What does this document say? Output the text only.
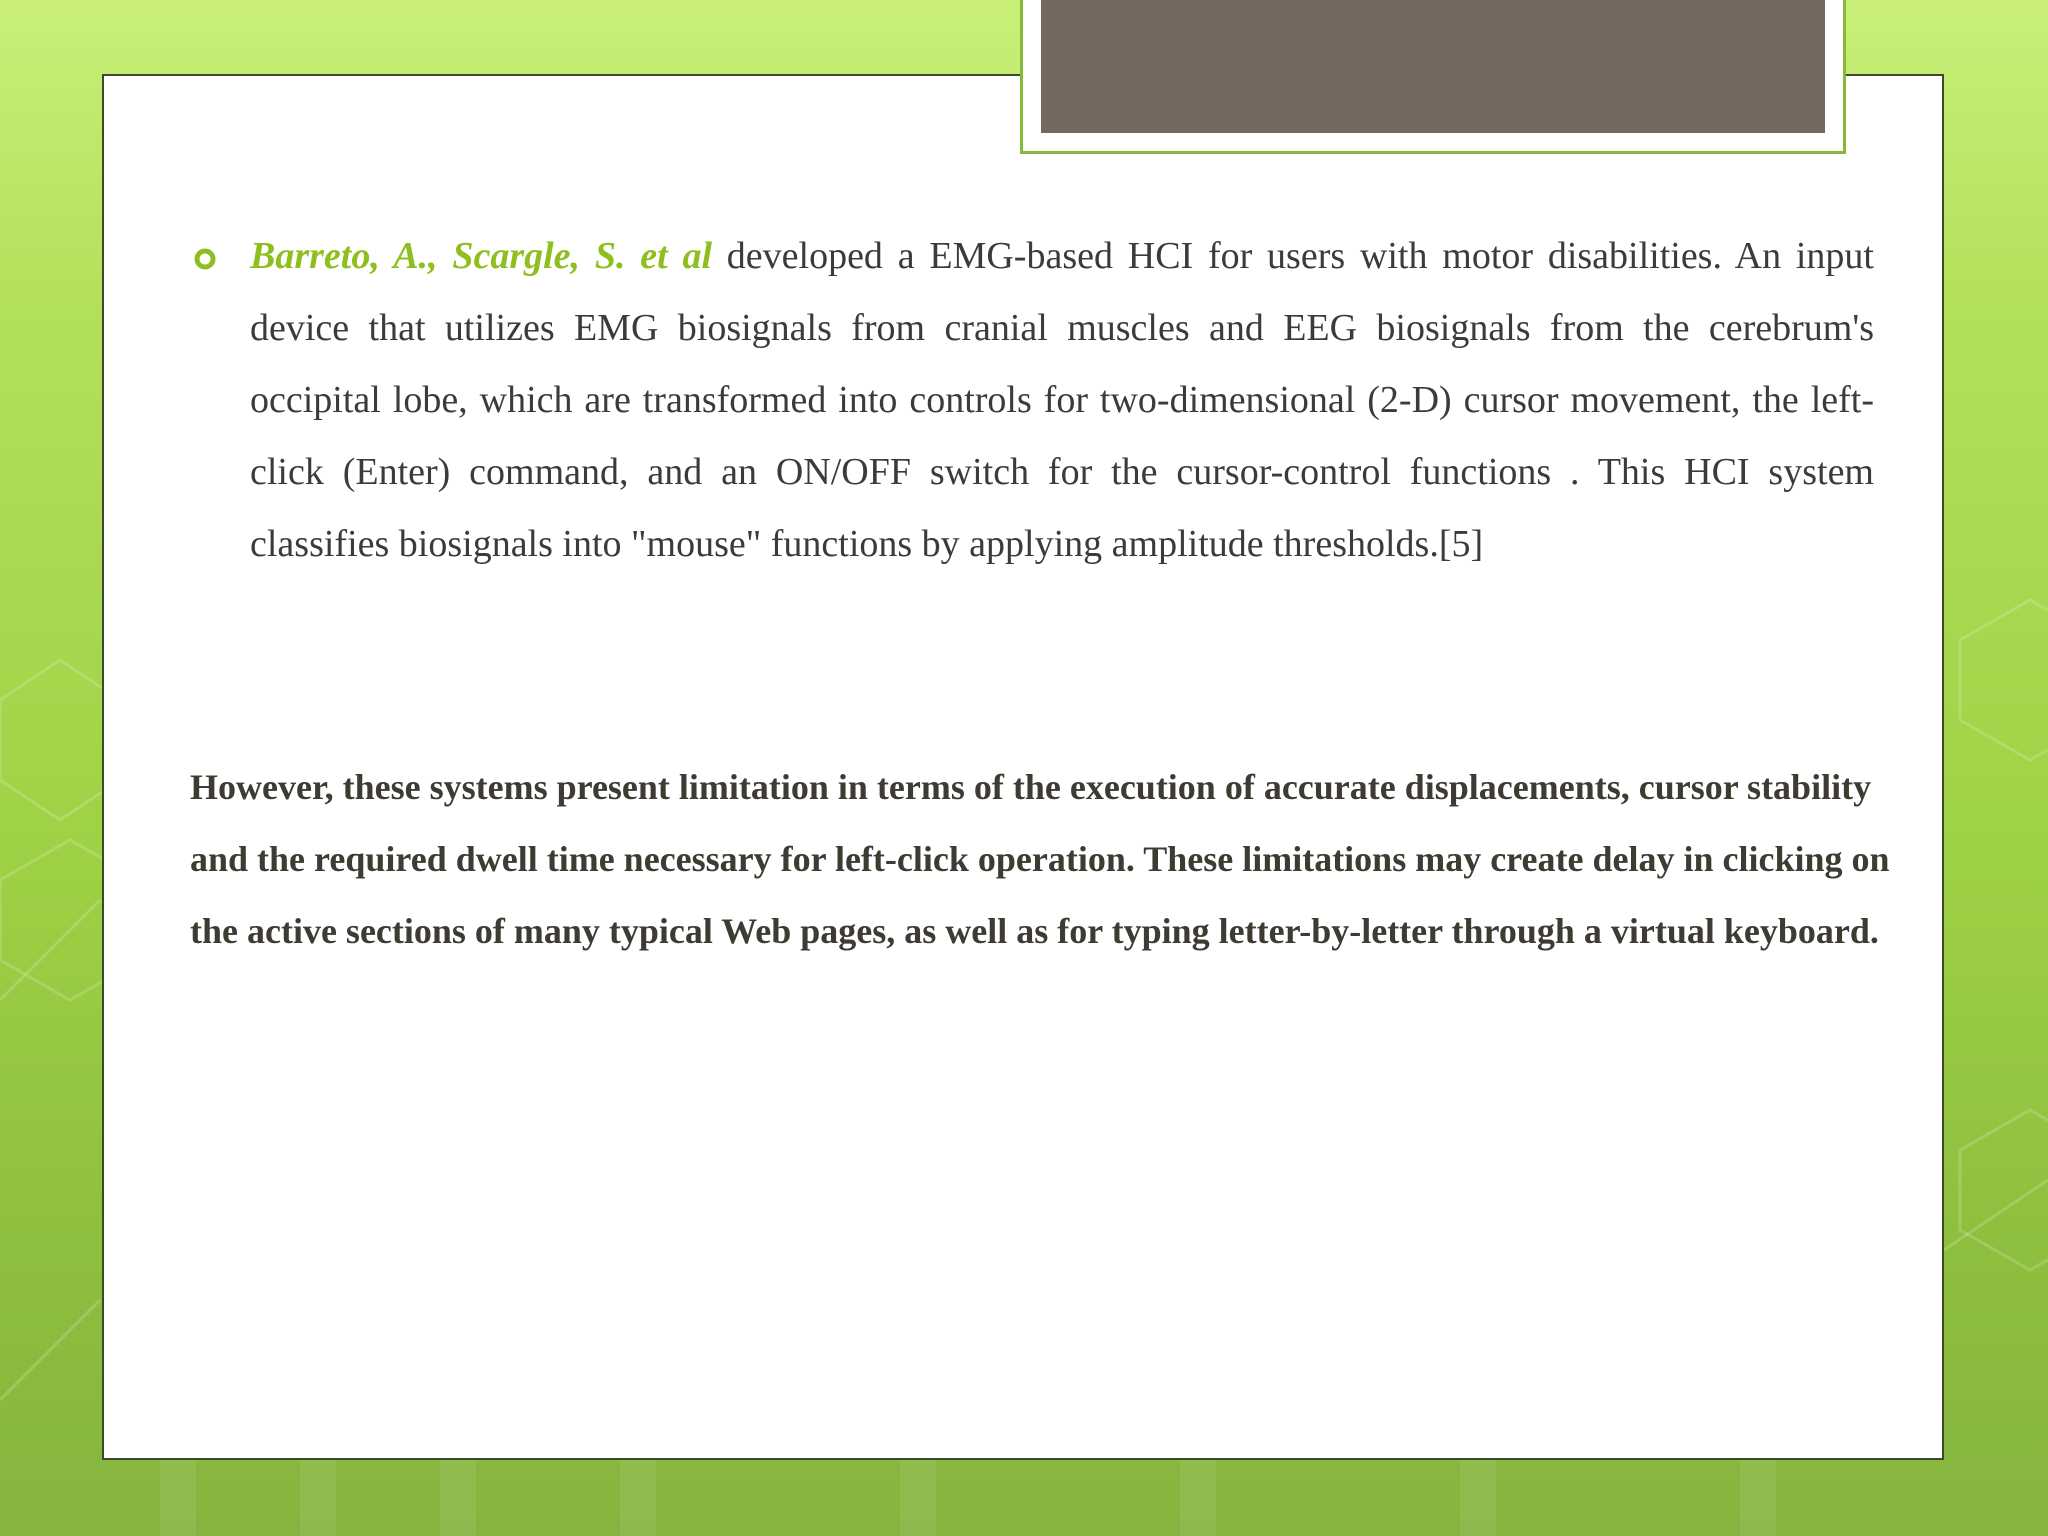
Barreto, A., Scargle, S. et al developed a EMG-based HCI for users with motor disabilities. An input device that utilizes EMG biosignals from cranial muscles and EEG biosignals from the cerebrum's occipital lobe, which are transformed into controls for two-dimensional (2-D) cursor movement, the left-click (Enter) command, and an ON/OFF switch for the cursor-control functions . This HCI system classifies biosignals into "mouse" functions by applying amplitude thresholds.[5]

However, these systems present limitation in terms of the execution of accurate displacements, cursor stability and the required dwell time necessary for left-click operation. These limitations may create delay in clicking on the active sections of many typical Web pages, as well as for typing letter-by-letter through a virtual keyboard.
